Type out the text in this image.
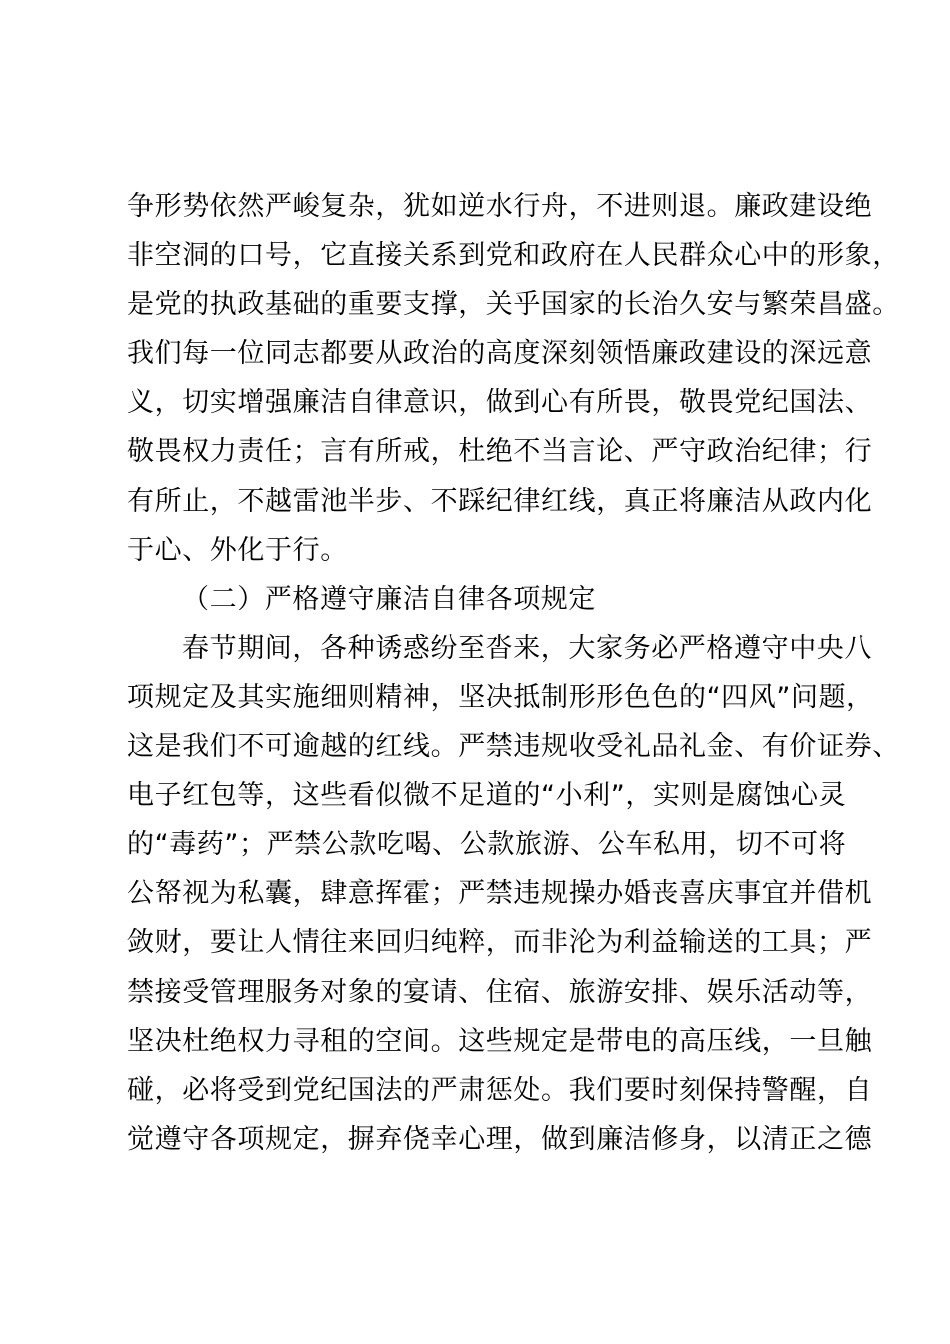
争形势依然严峻复杂，犹如逆水行舟，不进则退。廉政建设绝
非空洞的口号，它直接关系到党和政府在人民群众心中的形象，
是党的执政基础的重要支撑，关乎国家的长治久安与繁荣昌盛。
我们每一位同志都要从政治的高度深刻领悟廉政建设的深远意
义，切实增强廉洁自律意识，做到心有所畏，敬畏党纪国法、
敬畏权力责任；言有所戒，杜绝不当言论、严守政治纪律；行
有所止，不越雷池半步、不踩纪律红线，真正将廉洁从政内化
于心、外化于行。
（二）严格遵守廉洁自律各项规定
春节期间，各种诱惑纷至沓来，大家务必严格遵守中央八
项规定及其实施细则精神，坚决抵制形形色色的“四风”问题，
这是我们不可逾越的红线。严禁违规收受礼品礼金、有价证券、
电子红包等，这些看似微不足道的“小利”，实则是腐蚀心灵
的“毒药”；严禁公款吃喝、公款旅游、公车私用，切不可将
公帑视为私囊，肆意挥霍；严禁违规操办婚丧喜庆事宜并借机
敛财，要让人情往来回归纯粹，而非沦为利益输送的工具；严
禁接受管理服务对象的宴请、住宿、旅游安排、娱乐活动等，
坚决杜绝权力寻租的空间。这些规定是带电的高压线，一旦触
碰，必将受到党纪国法的严肃惩处。我们要时刻保持警醒，自
觉遵守各项规定，摒弃侥幸心理，做到廉洁修身，以清正之德
